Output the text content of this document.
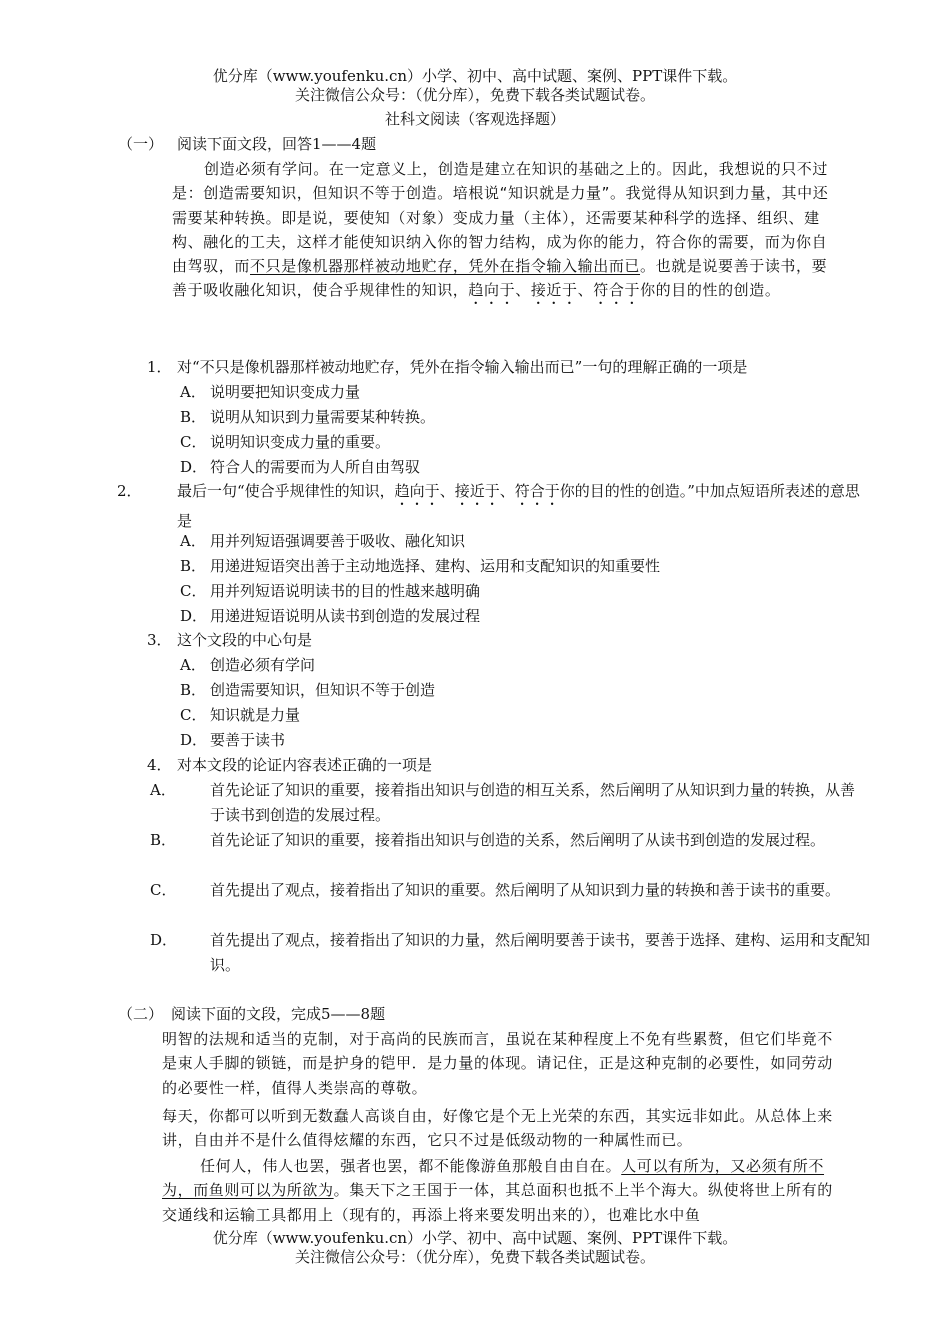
优分库（www.youfenku.cn）小学、初中、高中试题、案例、PPT课件下载。
关注微信公众号：（优分库），免费下载各类试题试卷。
社科文阅读（客观选择题）
（一） 阅读下面文段，回答1——4题
创造必须有学问。在一定意义上，创造是建立在知识的基础之上的。因此，我想说的只不过是：创造需要知识，但知识不等于创造。培根说“知识就是力量”。我觉得从知识到力量，其中还需要某种转换。即是说，要使知（对象）变成力量（主体），还需要某种科学的选择、组织、建构、融化的工夫，这样才能使知识纳入你的智力结构，成为你的能力，符合你的需要，而为你自由驾驭，而不只是像机器那样被动地贮存，凭外在指令输入输出而已。也就是说要善于读书，要善于吸收融化知识，使合乎规律性的知识，趋向于、接近于、符合于你的目的性的创造。
1． 对“不只是像机器那样被动地贮存，凭外在指令输入输出而已”一句的理解正确的一项是
A． 说明要把知识变成力量
B． 说明从知识到力量需要某种转换。
C． 说明知识变成力量的重要。
D． 符合人的需要而为人所自由驾驭
2． 最后一句“使合乎规律性的知识，趋向于、接近于、符合于你的目的性的创造。”中加点短语所表述的意思是
A． 用并列短语强调要善于吸收、融化知识
B． 用递进短语突出善于主动地选择、建构、运用和支配知识的知重要性
C． 用并列短语说明读书的目的性越来越明确
D． 用递进短语说明从读书到创造的发展过程
3． 这个文段的中心句是
A． 创造必须有学问
B． 创造需要知识，但知识不等于创造
C． 知识就是力量
D． 要善于读书
4． 对本文段的论证内容表述正确的一项是
A． 首先论证了知识的重要，接着指出知识与创造的相互关系，然后阐明了从知识到力量的转换，从善于读书到创造的发展过程。
B． 首先论证了知识的重要，接着指出知识与创造的关系，然后阐明了从读书到创造的发展过程。
C． 首先提出了观点，接着指出了知识的重要。然后阐明了从知识到力量的转换和善于读书的重要。
D． 首先提出了观点，接着指出了知识的力量，然后阐明要善于读书，要善于选择、建构、运用和支配知识。
（二） 阅读下面的文段，完成5——8题
明智的法规和适当的克制，对于高尚的民族而言，虽说在某种程度上不免有些累赘，但它们毕竟不是束人手脚的锁链，而是护身的铠甲．是力量的体现。请记住，正是这种克制的必要性，如同劳动的必要性一样，值得人类崇高的尊敬。
每天，你都可以听到无数蠢人高谈自由，好像它是个无上光荣的东西，其实远非如此。从总体上来讲，自由并不是什么值得炫耀的东西，它只不过是低级动物的一种属性而已。
任何人，伟人也罢，强者也罢，都不能像游鱼那般自由自在。人可以有所为，又必须有所不为，而鱼则可以为所欲为。集天下之王国于一体，其总面积也抵不上半个海大。纵使将世上所有的交通线和运输工具都用上（现有的，再添上将来要发明出来的），也难比水中鱼
优分库（www.youfenku.cn）小学、初中、高中试题、案例、PPT课件下载。
关注微信公众号：（优分库），免费下载各类试题试卷。
